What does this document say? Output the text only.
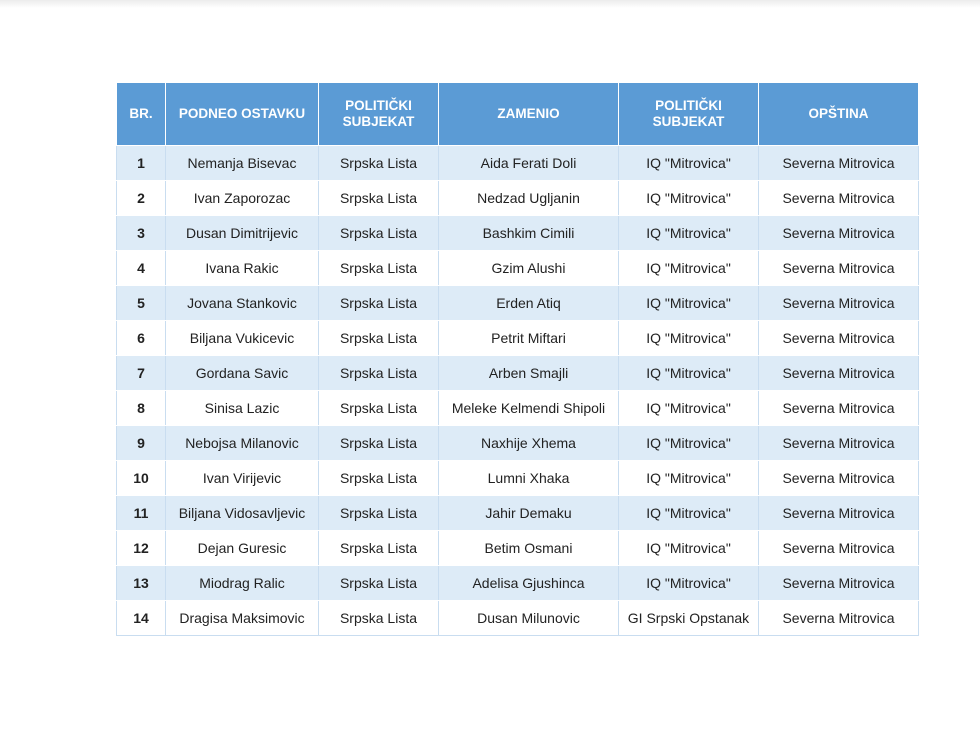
BR.	PODNEO OSTAVKU	POLITIČKI SUBJEKAT	ZAMENIO	POLITIČKI SUBJEKAT	OPŠTINA
1	Nemanja Bisevac	Srpska Lista	Aida Ferati Doli	IQ "Mitrovica"	Severna Mitrovica
2	Ivan Zaporozac	Srpska Lista	Nedzad Ugljanin	IQ "Mitrovica"	Severna Mitrovica
3	Dusan Dimitrijevic	Srpska Lista	Bashkim Cimili	IQ "Mitrovica"	Severna Mitrovica
4	Ivana Rakic	Srpska Lista	Gzim Alushi	IQ "Mitrovica"	Severna Mitrovica
5	Jovana Stankovic	Srpska Lista	Erden Atiq	IQ "Mitrovica"	Severna Mitrovica
6	Biljana Vukicevic	Srpska Lista	Petrit Miftari	IQ "Mitrovica"	Severna Mitrovica
7	Gordana Savic	Srpska Lista	Arben Smajli	IQ "Mitrovica"	Severna Mitrovica
8	Sinisa Lazic	Srpska Lista	Meleke Kelmendi Shipoli	IQ "Mitrovica"	Severna Mitrovica
9	Nebojsa Milanovic	Srpska Lista	Naxhije Xhema	IQ "Mitrovica"	Severna Mitrovica
10	Ivan Virijevic	Srpska Lista	Lumni Xhaka	IQ "Mitrovica"	Severna Mitrovica
11	Biljana Vidosavljevic	Srpska Lista	Jahir Demaku	IQ "Mitrovica"	Severna Mitrovica
12	Dejan Guresic	Srpska Lista	Betim Osmani	IQ "Mitrovica"	Severna Mitrovica
13	Miodrag Ralic	Srpska Lista	Adelisa Gjushinca	IQ "Mitrovica"	Severna Mitrovica
14	Dragisa Maksimovic	Srpska Lista	Dusan Milunovic	GI Srpski Opstanak	Severna Mitrovica
